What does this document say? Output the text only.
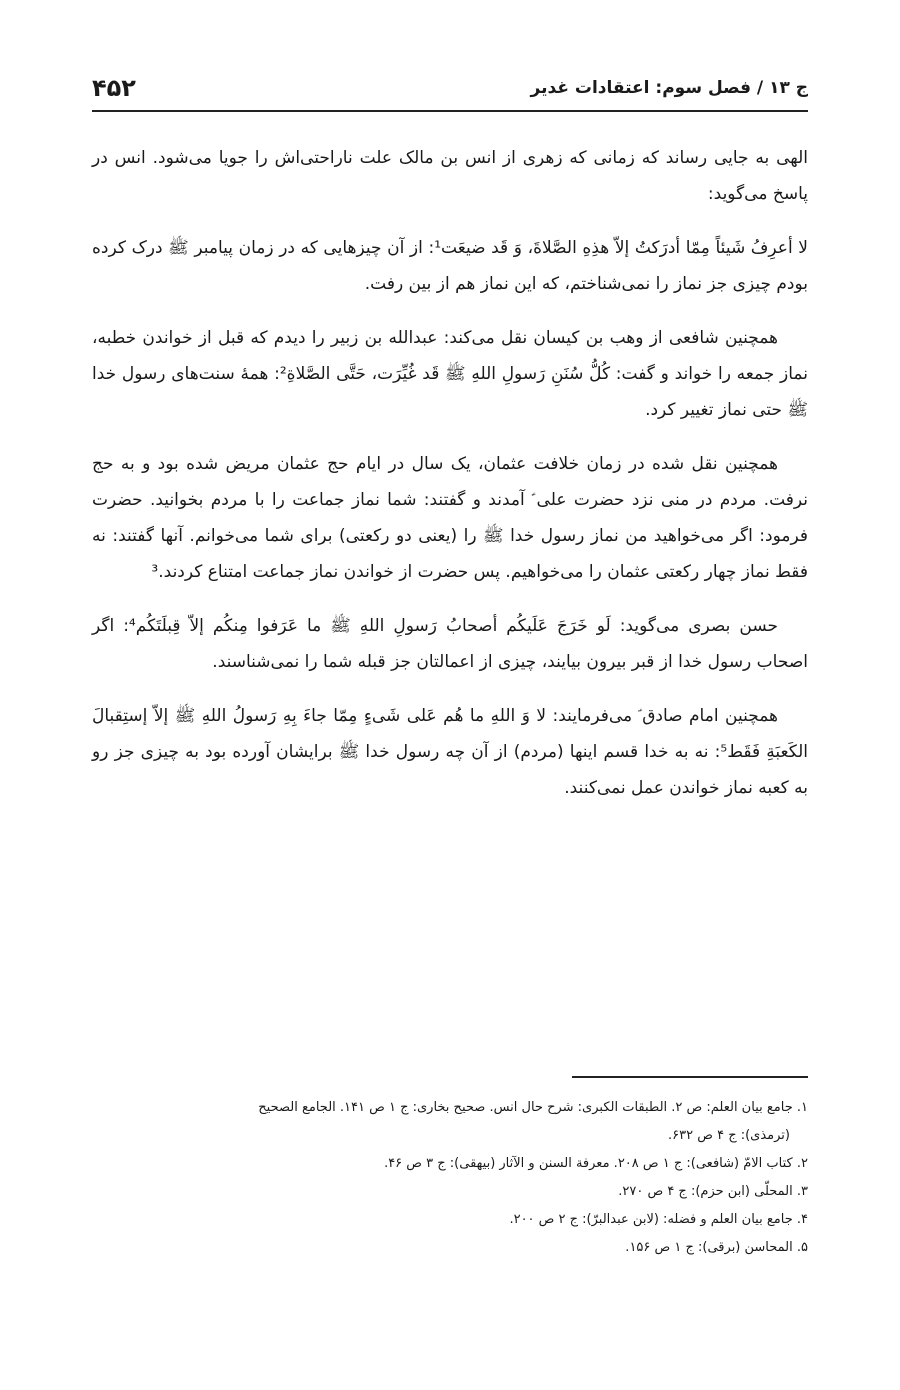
ج ۱۳ / فصل سوم: اعتقادات غدیر
۴۵۲

الهی به جایی رساند که زمانی که زهری از انس بن مالک علت ناراحتی‌اش را جویا می‌شود. انس در پاسخ می‌گوید:

لا أعرِفُ شَیئاً مِمّا أدرَکتُ إلاّ هذِهِ الصَّلاةَ، وَ قَد ضیعَت¹: از آن چیزهایی که در زمان پیامبر ﷺ درک کرده بودم چیزی جز نماز را نمی‌شناختم، که این نماز هم از بین رفت.

همچنین شافعی از وهب بن کیسان نقل می‌کند: عبدالله بن زبیر را دیدم که قبل از خواندن خطبه، نماز جمعه را خواند و گفت: کُلُّ سُنَنِ رَسولِ اللهِ ﷺ قَد غُیِّرَت، حَتَّی الصَّلاةِ²: همهٔ سنت‌های رسول خدا ﷺ حتی نماز تغییر کرد.

همچنین نقل شده در زمان خلافت عثمان، یک سال در ایام حج عثمان مریض شده بود و به حج نرفت. مردم در منی نزد حضرت علی ؑ آمدند و گفتند: شما نماز جماعت را با مردم بخوانید. حضرت فرمود: اگر می‌خواهید من نماز رسول خدا ﷺ را (یعنی دو رکعتی) برای شما می‌خوانم. آنها گفتند: نه فقط نماز چهار رکعتی عثمان را می‌خواهیم. پس حضرت از خواندن نماز جماعت امتناع کردند.³

حسن بصری می‌گوید: لَو خَرَجَ عَلَیکُم أصحابُ رَسولِ اللهِ ﷺ ما عَرَفوا مِنکُم إلاّ قِبلَتَکُم⁴: اگر اصحاب رسول خدا از قبر بیرون بیایند، چیزی از اعمالتان جز قبله شما را نمی‌شناسند.

همچنین امام صادق ؑ می‌فرمایند: لا وَ اللهِ ما هُم عَلی شَیءٍ مِمّا جاءَ بِهِ رَسولُ اللهِ ﷺ إلاّ إستِقبالَ الکَعبَةِ فَقَط⁵: نه به خدا قسم اینها (مردم) از آن چه رسول خدا ﷺ برایشان آورده بود به چیزی جز رو به کعبه نماز خواندن عمل نمی‌کنند.

۱. جامع بیان العلم: ص ۲. الطبقات الکبری: شرح حال انس. صحیح بخاری: ج ۱ ص ۱۴۱. الجامع الصحیح
(ترمذی): ج ۴ ص ۶۳۲.

۲. کتاب الامّ (شافعی): ج ۱ ص ۲۰۸. معرفة السنن و الآثار (بیهقی): ج ۳ ص ۴۶.

۳. المحلّی (ابن حزم): ج ۴ ص ۲۷۰.

۴. جامع بیان العلم و فضله: (لابن عبدالبرّ): ج ۲ ص ۲۰۰.

۵. المحاسن (برقی): ج ۱ ص ۱۵۶.
